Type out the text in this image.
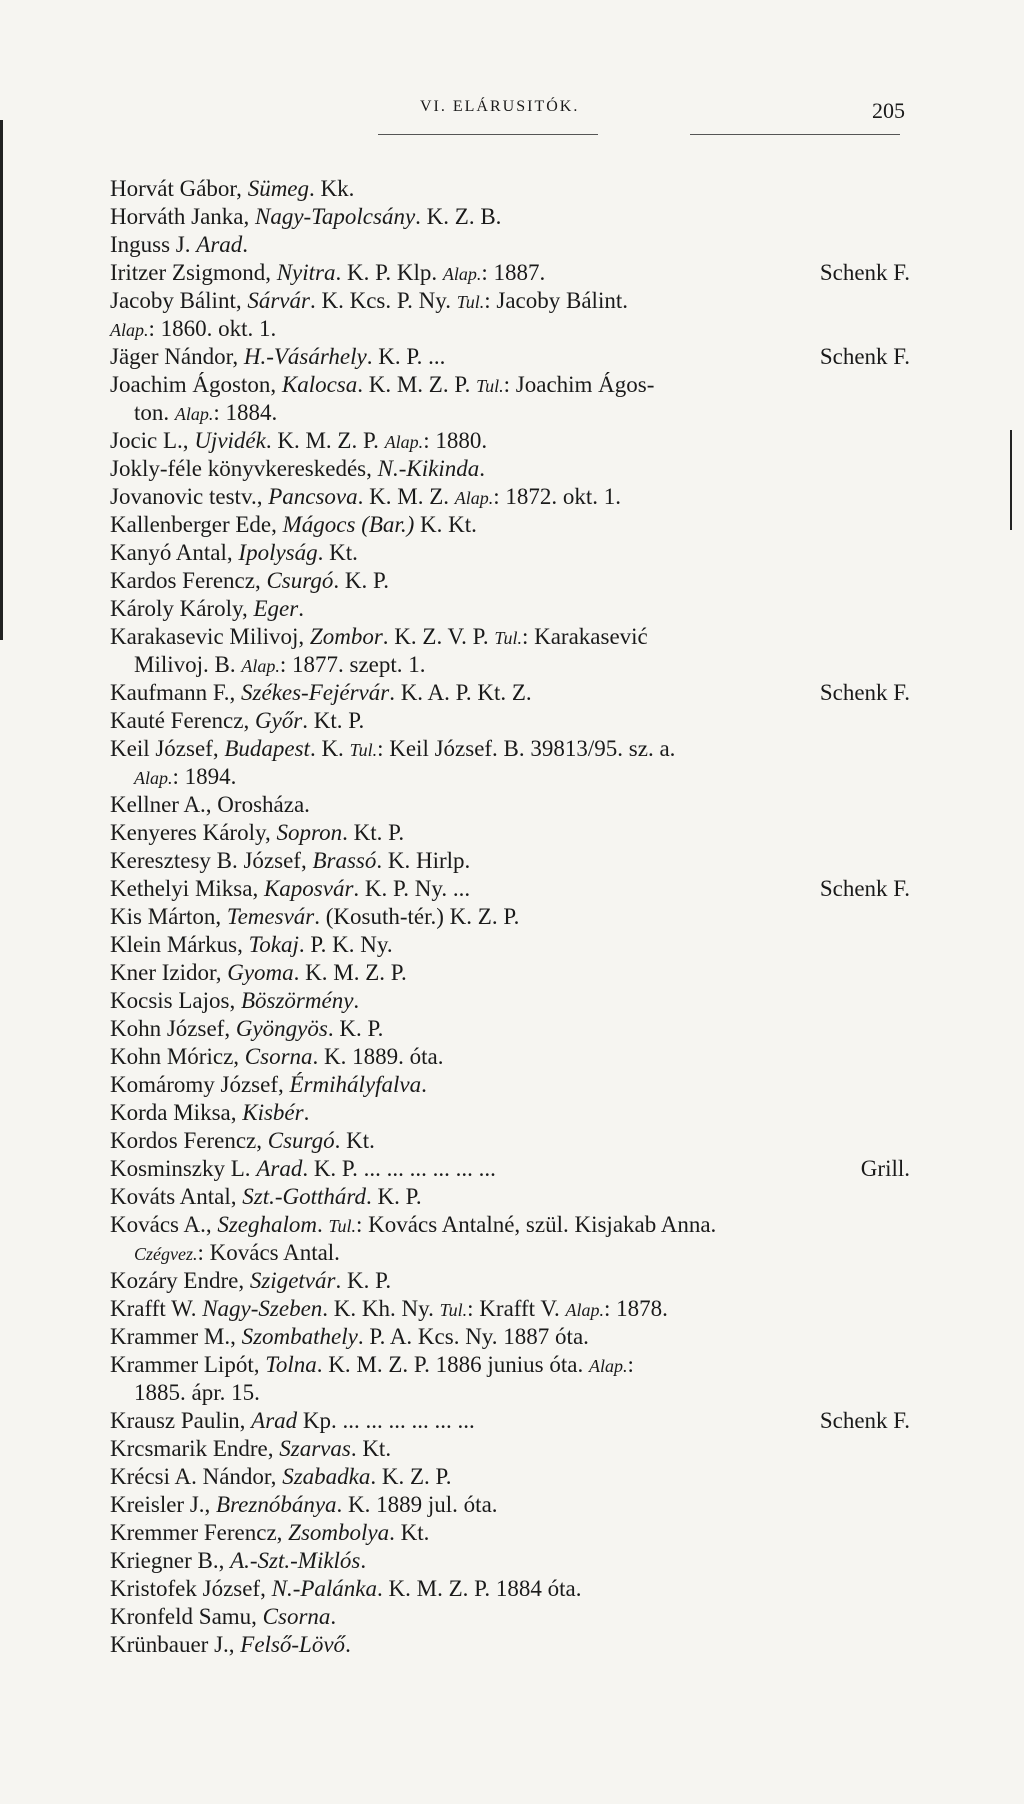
VI. ELÁRUSITÓK.	205
Horvát Gábor, Sümeg. Kk.
Horváth Janka, Nagy-Tapolcsány. K. Z. B.
Inguss J. Arad.
Iritzer Zsigmond, Nyitra. K. P. Klp. Alap.: 1887.	Schenk F.
Jacoby Bálint, Sárvár. K. Kcs. P. Ny. Tul.: Jacoby Bálint.
Alap.: 1860. okt. 1.
Jäger Nándor, H.-Vásárhely. K. P. ...	Schenk F.
Joachim Ágoston, Kalocsa. K. M. Z. P. Tul.: Joachim Ágos-
ton. Alap.: 1884.
Jocic L., Ujvidék. K. M. Z. P. Alap.: 1880.
Jokly-féle könyvkereskedés, N.-Kikinda.
Jovanovic testv., Pancsova. K. M. Z. Alap.: 1872. okt. 1.
Kallenberger Ede, Mágocs (Bar.) K. Kt.
Kanyó Antal, Ipolyság. Kt.
Kardos Ferencz, Csurgó. K. P.
Károly Károly, Eger.
Karakasevic Milivoj, Zombor. K. Z. V. P. Tul.: Karakasević
Milivoj. B. Alap.: 1877. szept. 1.
Kaufmann F., Székes-Fejérvár. K. A. P. Kt. Z.	Schenk F.
Kauté Ferencz, Győr. Kt. P.
Keil József, Budapest. K. Tul.: Keil József. B. 39813/95. sz. a.
Alap.: 1894.
Kellner A., Orosháza.
Kenyeres Károly, Sopron. Kt. P.
Keresztesy B. József, Brassó. K. Hirlp.
Kethelyi Miksa, Kaposvár. K. P. Ny. ...	Schenk F.
Kis Márton, Temesvár. (Kosuth-tér.) K. Z. P.
Klein Márkus, Tokaj. P. K. Ny.
Kner Izidor, Gyoma. K. M. Z. P.
Kocsis Lajos, Böszörmény.
Kohn József, Gyöngyös. K. P.
Kohn Móricz, Csorna. K. 1889. óta.
Komáromy József, Érmihályfalva.
Korda Miksa, Kisbér.
Kordos Ferencz, Csurgó. Kt.
Kosminszky L. Arad. K. P. ... ... ... ... ... ...	Grill.
Kováts Antal, Szt.-Gotthárd. K. P.
Kovács A., Szeghalom. Tul.: Kovács Antalné, szül. Kisjakab Anna.
Czégvez.: Kovács Antal.
Kozáry Endre, Szigetvár. K. P.
Krafft W. Nagy-Szeben. K. Kh. Ny. Tul.: Krafft V. Alap.: 1878.
Krammer M., Szombathely. P. A. Kcs. Ny. 1887 óta.
Krammer Lipót, Tolna. K. M. Z. P. 1886 junius óta. Alap.:
1885. ápr. 15.
Krausz Paulin, Arad Kp. ... ... ... ... ... ...	Schenk F.
Krcsmarik Endre, Szarvas. Kt.
Krécsi A. Nándor, Szabadka. K. Z. P.
Kreisler J., Breznóbánya. K. 1889 jul. óta.
Kremmer Ferencz, Zsombolya. Kt.
Kriegner B., A.-Szt.-Miklós.
Kristofek József, N.-Palánka. K. M. Z. P. 1884 óta.
Kronfeld Samu, Csorna.
Krünbauer J., Felső-Lövő.
